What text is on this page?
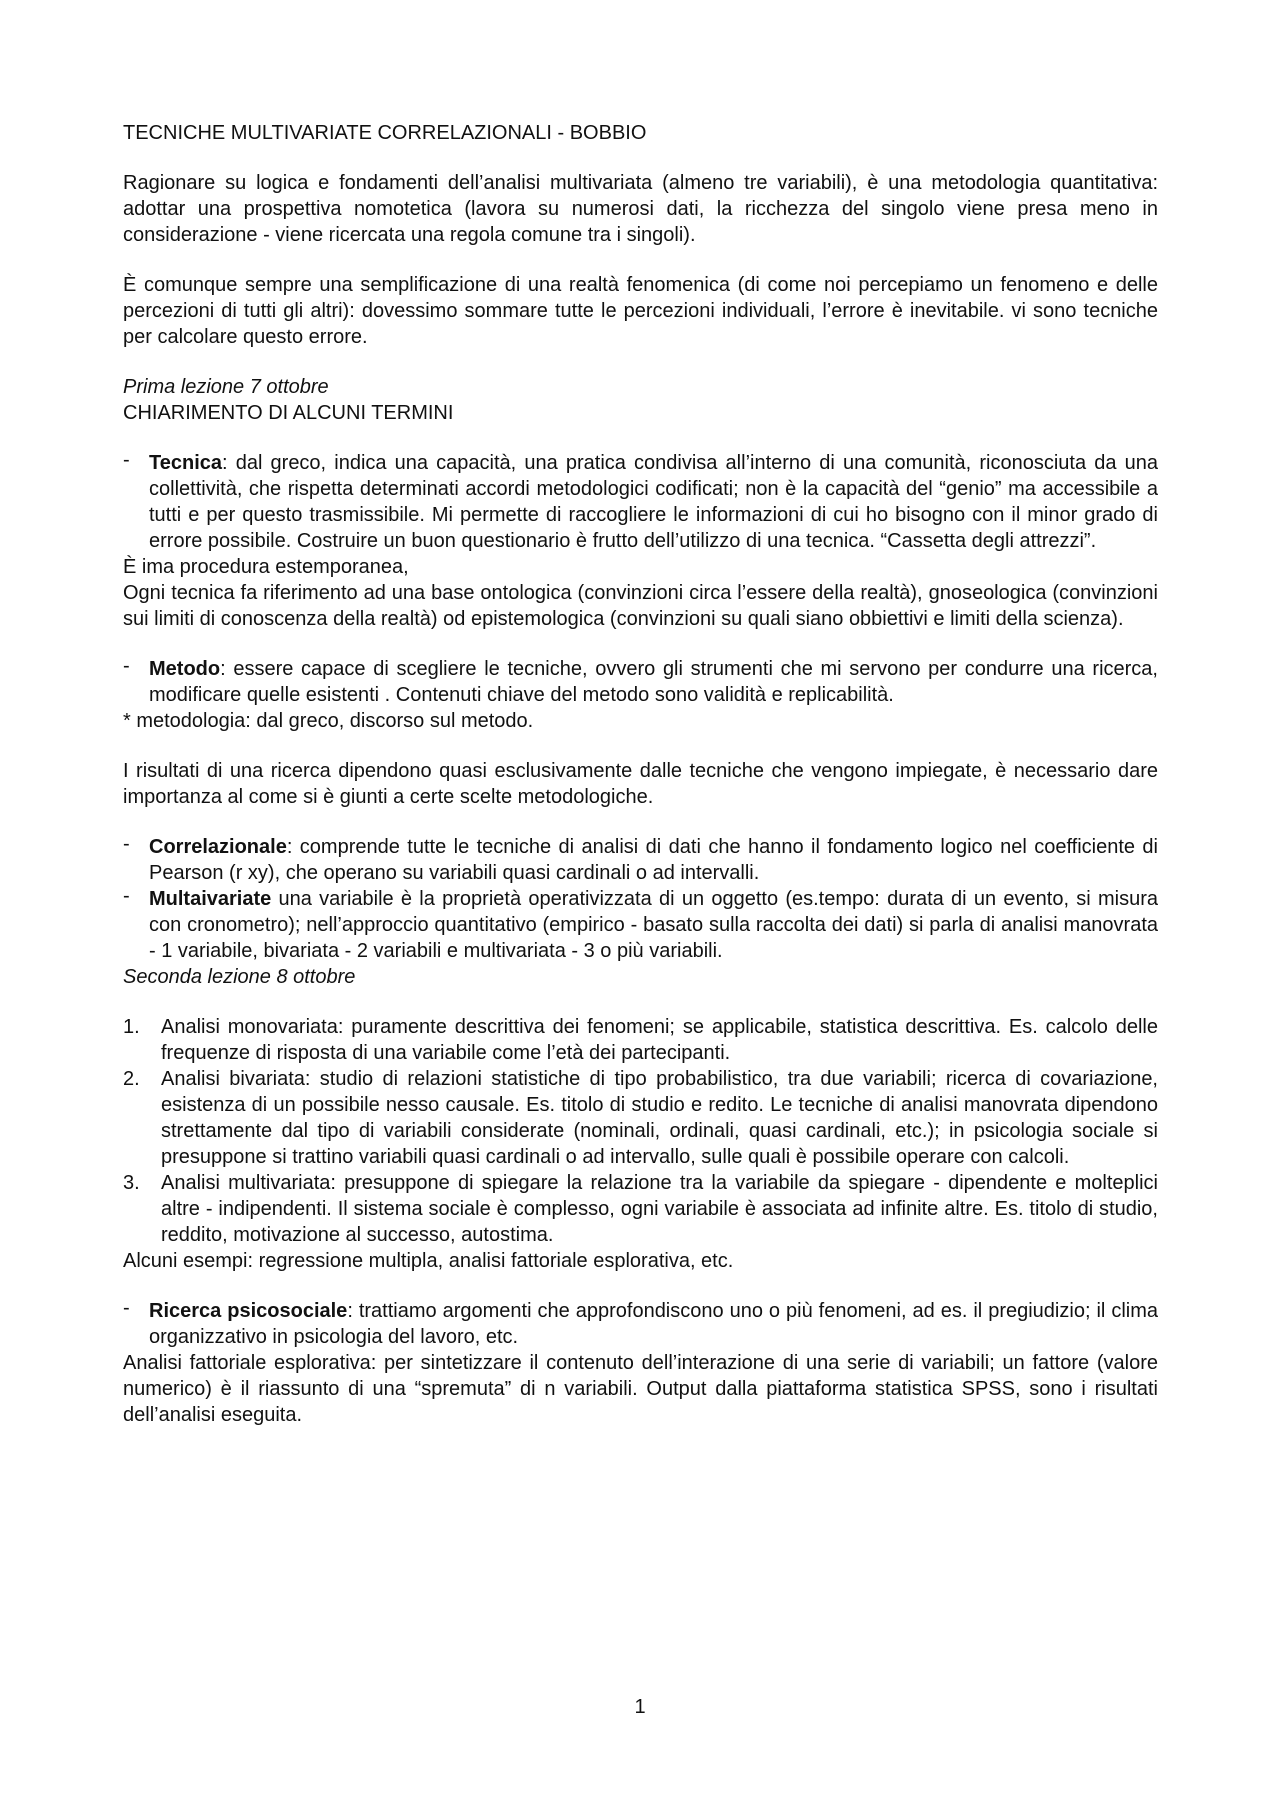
TECNICHE MULTIVARIATE CORRELAZIONALI - BOBBIO

Ragionare su logica e fondamenti dell’analisi multivariata (almeno tre variabili), è una metodologia quantitativa: adottar una prospettiva nomotetica (lavora su numerosi dati, la ricchezza del singolo viene presa meno in considerazione - viene ricercata una regola comune tra i singoli).

È comunque sempre una semplificazione di una realtà fenomenica (di come noi percepiamo un fenomeno e delle percezioni di tutti gli altri): dovessimo sommare tutte le percezioni individuali, l’errore è inevitabile. vi sono tecniche per calcolare questo errore.

Prima lezione 7 ottobre

CHIARIMENTO DI ALCUNI TERMINI

- Tecnica: dal greco, indica una capacità, una pratica condivisa all’interno di una comunità, riconosciuta da una collettività, che rispetta determinati accordi metodologici codificati; non è la capacità del “genio” ma accessibile a tutti e per questo trasmissibile. Mi permette di raccogliere le informazioni di cui ho bisogno con il minor grado di errore possibile. Costruire un buon questionario è frutto dell’utilizzo di una tecnica. “Cassetta degli attrezzi”.

È ima procedura estemporanea,

Ogni tecnica fa riferimento ad una base ontologica (convinzioni circa l’essere della realtà), gnoseologica (convinzioni sui limiti di conoscenza della realtà) od epistemologica (convinzioni su quali siano obbiettivi e limiti della scienza).

- Metodo: essere capace di scegliere le tecniche, ovvero gli strumenti che mi servono per condurre una ricerca, modificare quelle esistenti . Contenuti chiave del metodo sono validità e replicabilità.

* metodologia: dal greco, discorso sul metodo.

I risultati di una ricerca dipendono quasi esclusivamente dalle tecniche che vengono impiegate, è necessario dare importanza al come si è giunti a certe scelte metodologiche.

- Correlazionale: comprende tutte le tecniche di analisi di dati che hanno il fondamento logico nel coefficiente di Pearson (r xy), che operano su variabili quasi cardinali o ad intervalli.
- Multaivariate una variabile è la proprietà operativizzata di un oggetto (es.tempo: durata di un evento, si misura con cronometro); nell’approccio quantitativo (empirico - basato sulla raccolta dei dati) si parla di analisi manovrata - 1 variabile, bivariata - 2 variabili e multivariata - 3 o più variabili.

Seconda lezione 8 ottobre

1. Analisi monovariata: puramente descrittiva dei fenomeni; se applicabile, statistica descrittiva. Es. calcolo delle frequenze di risposta di una variabile come l’età dei partecipanti.
2. Analisi bivariata: studio di relazioni statistiche di tipo probabilistico, tra due variabili; ricerca di covariazione, esistenza di un possibile nesso causale. Es. titolo di studio e redito. Le tecniche di analisi manovrata dipendono strettamente dal tipo di variabili considerate (nominali, ordinali, quasi cardinali, etc.); in psicologia sociale si presuppone si trattino variabili quasi cardinali o ad intervallo, sulle quali è possibile operare con calcoli.
3. Analisi multivariata: presuppone di spiegare la relazione tra la variabile da spiegare - dipendente e molteplici altre - indipendenti. Il sistema sociale è complesso, ogni variabile è associata ad infinite altre. Es. titolo di studio, reddito, motivazione al successo, autostima.

Alcuni esempi: regressione multipla, analisi fattoriale esplorativa, etc.

- Ricerca psicosociale: trattiamo argomenti che approfondiscono uno o più fenomeni, ad es. il pregiudizio; il clima organizzativo in psicologia del lavoro, etc.

Analisi fattoriale esplorativa: per sintetizzare il contenuto dell’interazione di una serie di variabili; un fattore (valore numerico) è il riassunto di una “spremuta” di n variabili. Output dalla piattaforma statistica SPSS, sono i risultati dell’analisi eseguita.

1
